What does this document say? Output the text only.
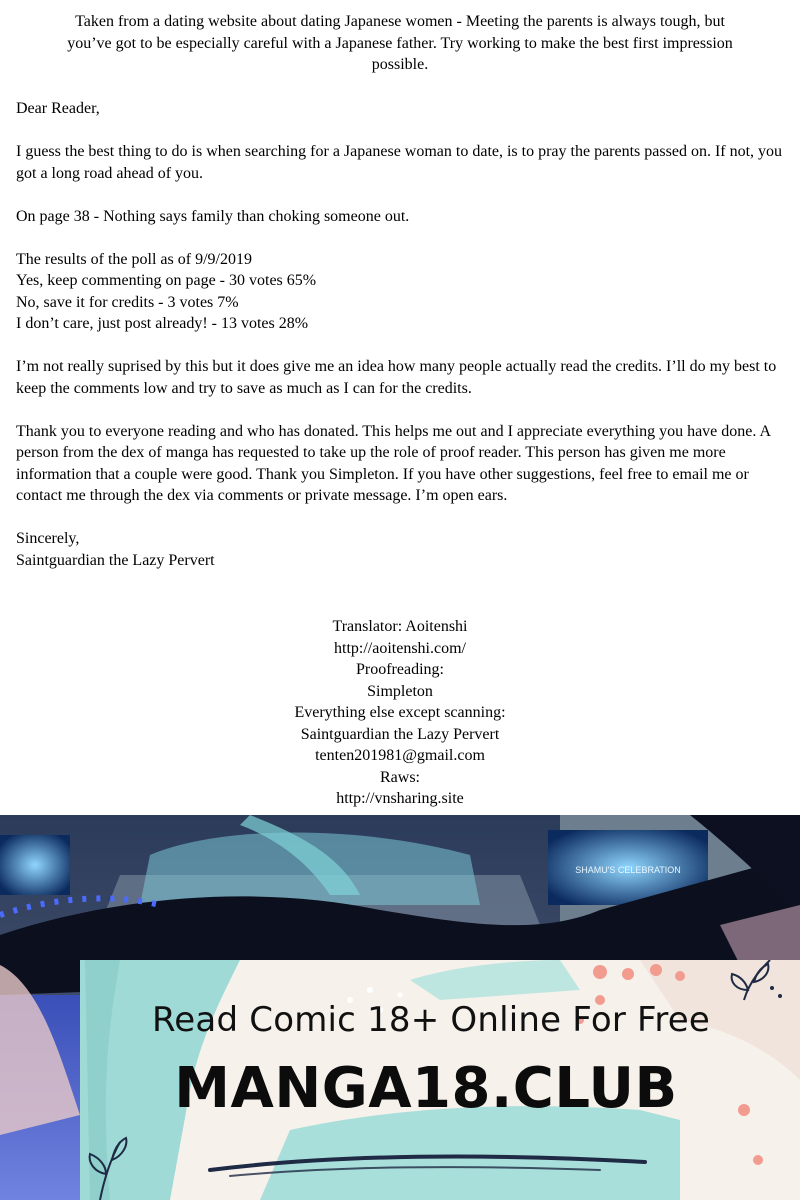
Taken from a dating website about dating Japanese women - Meeting the parents is always tough, but
you’ve got to be especially careful with a Japanese father. Try working to make the best first impression
possible.

Dear Reader,

I guess the best thing to do is when searching for a Japanese woman to date, is to pray the parents passed on. If not, you got a long road ahead of you.

On page 38 - Nothing says family than choking someone out.

The results of the poll as of 9/9/2019

Yes, keep commenting on page - 30 votes 65%

No, save it for credits - 3 votes 7%

I don’t care, just post already! - 13 votes 28%

I’m not really suprised by this but it does give me an idea how many people actually read the credits. I’ll do my best to keep the comments low and try to save as much as I can for the credits.

Thank you to everyone reading and who has donated. This helps me out and I appreciate everything you have done. A person from the dex of manga has requested to take up the role of proof reader. This person has given me more information that a couple were good. Thank you Simpleton. If you have other suggestions, feel free to email me or contact me through the dex via comments or private message. I’m open ears.

Sincerely,

Saintguardian the Lazy Pervert

Translator: Aoitenshi
http://aoitenshi.com/
Proofreading:
Simpleton
Everything else except scanning:
Saintguardian the Lazy Pervert
tenten201981@gmail.com
Raws:
http://vnsharing.site
SHAMU'S CELEBRATION
Read Comic 18+ Online For Free
MANGA18.CLUB
